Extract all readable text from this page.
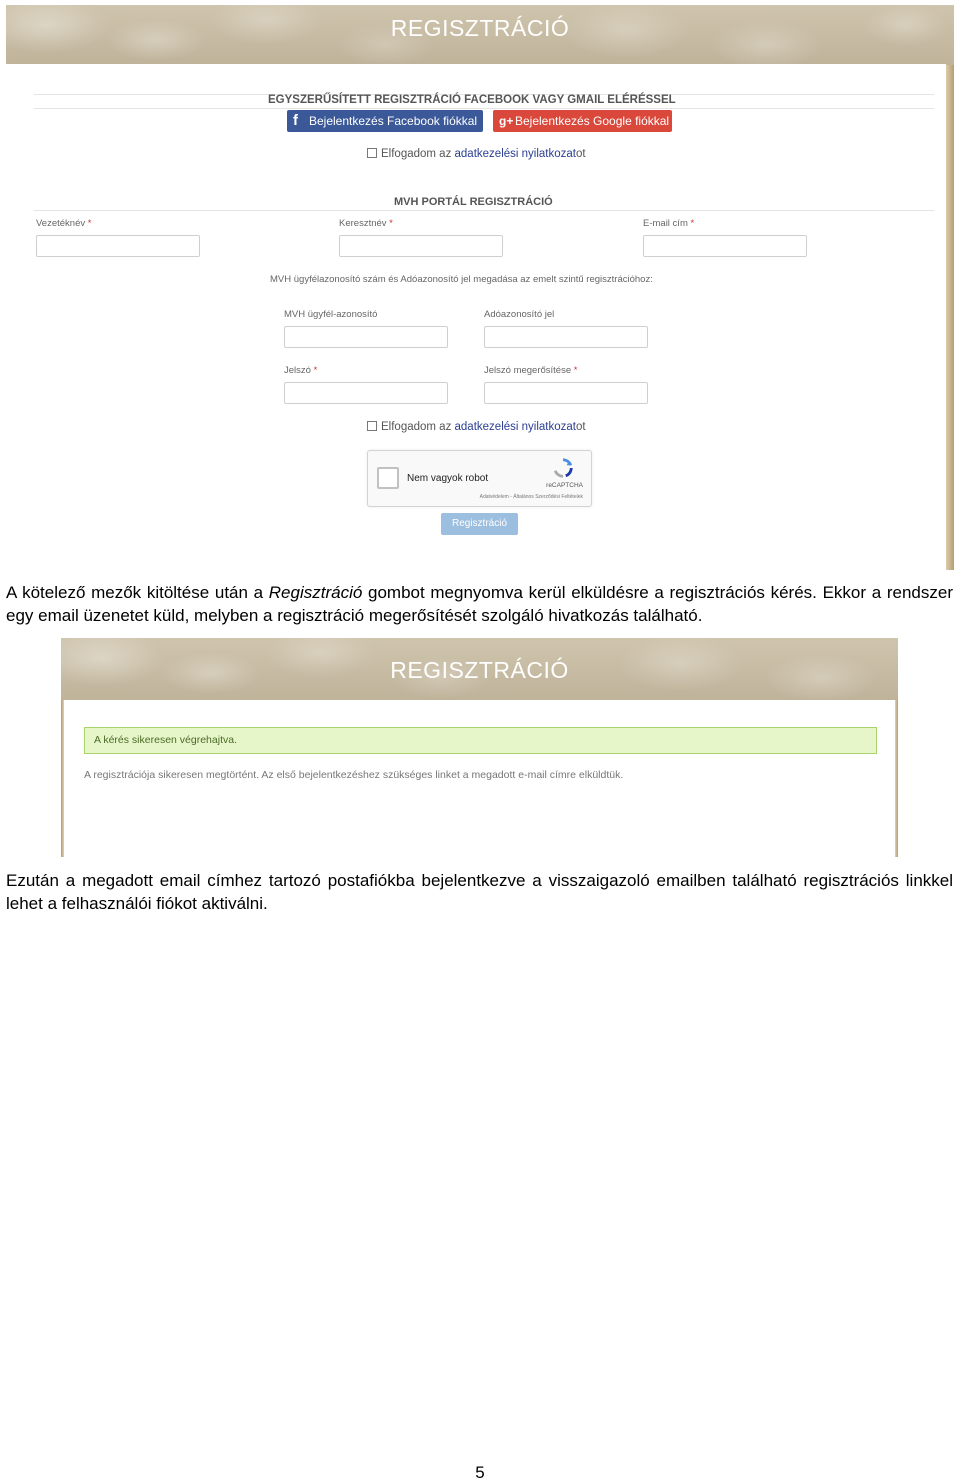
REGISZTRÁCIÓ
EGYSZERŰSÍTETT REGISZTRÁCIÓ FACEBOOK VAGY GMAIL ELÉRÉSSEL
f Bejelentkezés Facebook fiókkal	g+ Bejelentkezés Google fiókkal
Elfogadom az adatkezelési nyilatkozatot
MVH PORTÁL REGISZTRÁCIÓ
Vezetéknév *	Keresztnév *	E-mail cím *
MVH ügyfélazonosító szám és Adóazonosító jel megadása az emelt szintű regisztrációhoz:
MVH ügyfél-azonosító	Adóazonosító jel
Jelszó *	Jelszó megerősítése *
Elfogadom az adatkezelési nyilatkozatot
Nem vagyok robot
reCAPTCHA
Adatvédelem - Általános Szerződési Feltételek
Regisztráció

A kötelező mezők kitöltése után a Regisztráció gombot megnyomva kerül elküldésre a regisztrációs kérés. Ekkor a rendszer egy email üzenetet küld, melyben a regisztráció megerősítését szolgáló hivatkozás található.

REGISZTRÁCIÓ
A kérés sikeresen végrehajtva.
A regisztrációja sikeresen megtörtént. Az első bejelentkezéshez szükséges linket a megadott e-mail címre elküldtük.

Ezután a megadott email címhez tartozó postafiókba bejelentkezve a visszaigazoló emailben található regisztrációs linkkel lehet a felhasználói fiókot aktiválni.

5
